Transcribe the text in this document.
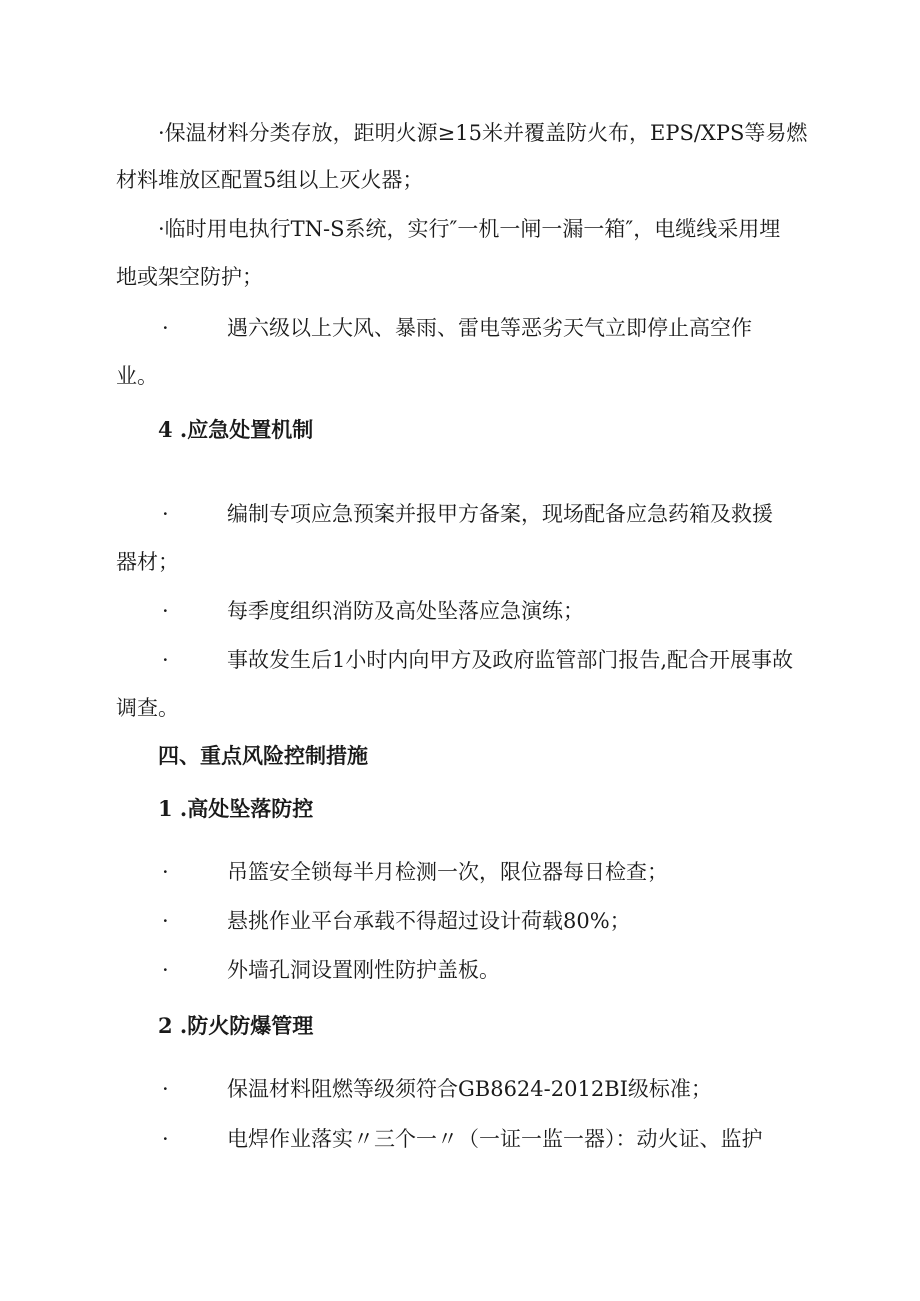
·保温材料分类存放，距明火源≥15米并覆盖防火布，EPS/XPS等易燃
材料堆放区配置5组以上灭火器；
·临时用电执行TN-S系统，实行″一机一闸一漏一箱″，电缆线采用埋
地或架空防护；
·	遇六级以上大风、暴雨、雷电等恶劣天气立即停止高空作
业。
4 .应急处置机制
·	编制专项应急预案并报甲方备案，现场配备应急药箱及救援
器材；
·	每季度组织消防及高处坠落应急演练；
·	事故发生后1小时内向甲方及政府监管部门报告,配合开展事故
调查。
四、重点风险控制措施
1 .高处坠落防控
·	吊篮安全锁每半月检测一次，限位器每日检查；
·	悬挑作业平台承载不得超过设计荷载80%；
·	外墙孔洞设置刚性防护盖板。
2 .防火防爆管理
·	保温材料阻燃等级须符合GB8624-2012BI级标准；
·	电焊作业落实〃三个一〃（一证一监一器）：动火证、监护
